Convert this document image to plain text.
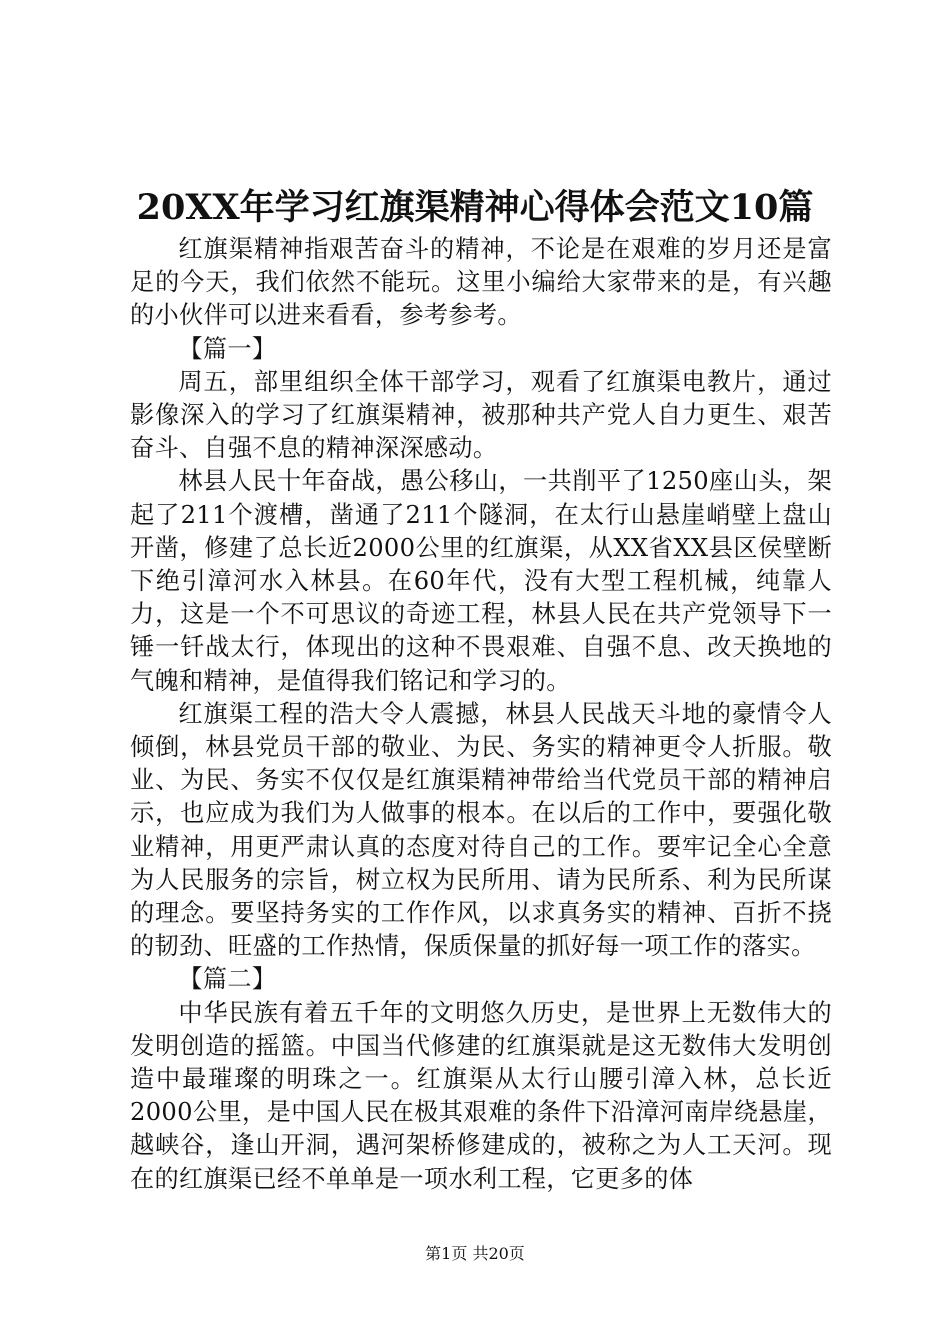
20XX年学习红旗渠精神心得体会范文10篇

红旗渠精神指艰苦奋斗的精神，不论是在艰难的岁月还是富足的今天，我们依然不能玩。这里小编给大家带来的是，有兴趣的小伙伴可以进来看看，参考参考。

【篇一】

周五，部里组织全体干部学习，观看了红旗渠电教片，通过影像深入的学习了红旗渠精神，被那种共产党人自力更生、艰苦奋斗、自强不息的精神深深感动。

林县人民十年奋战，愚公移山，一共削平了1250座山头，架起了211个渡槽，凿通了211个隧洞，在太行山悬崖峭壁上盘山开凿，修建了总长近2000公里的红旗渠，从XX省XX县区侯壁断下绝引漳河水入林县。在60年代，没有大型工程机械，纯靠人力，这是一个不可思议的奇迹工程，林县人民在共产党领导下一锤一钎战太行，体现出的这种不畏艰难、自强不息、改天换地的气魄和精神，是值得我们铭记和学习的。

红旗渠工程的浩大令人震撼，林县人民战天斗地的豪情令人倾倒，林县党员干部的敬业、为民、务实的精神更令人折服。敬业、为民、务实不仅仅是红旗渠精神带给当代党员干部的精神启示，也应成为我们为人做事的根本。在以后的工作中，要强化敬业精神，用更严肃认真的态度对待自己的工作。要牢记全心全意为人民服务的宗旨，树立权为民所用、请为民所系、利为民所谋的理念。要坚持务实的工作作风，以求真务实的精神、百折不挠的韧劲、旺盛的工作热情，保质保量的抓好每一项工作的落实。

【篇二】

中华民族有着五千年的文明悠久历史，是世界上无数伟大的发明创造的摇篮。中国当代修建的红旗渠就是这无数伟大发明创造中最璀璨的明珠之一。红旗渠从太行山腰引漳入林，总长近2000公里，是中国人民在极其艰难的条件下沿漳河南岸绕悬崖，越峡谷，逢山开洞，遇河架桥修建成的，被称之为人工天河。现在的红旗渠已经不单单是一项水利工程，它更多的体

第1页 共20页
